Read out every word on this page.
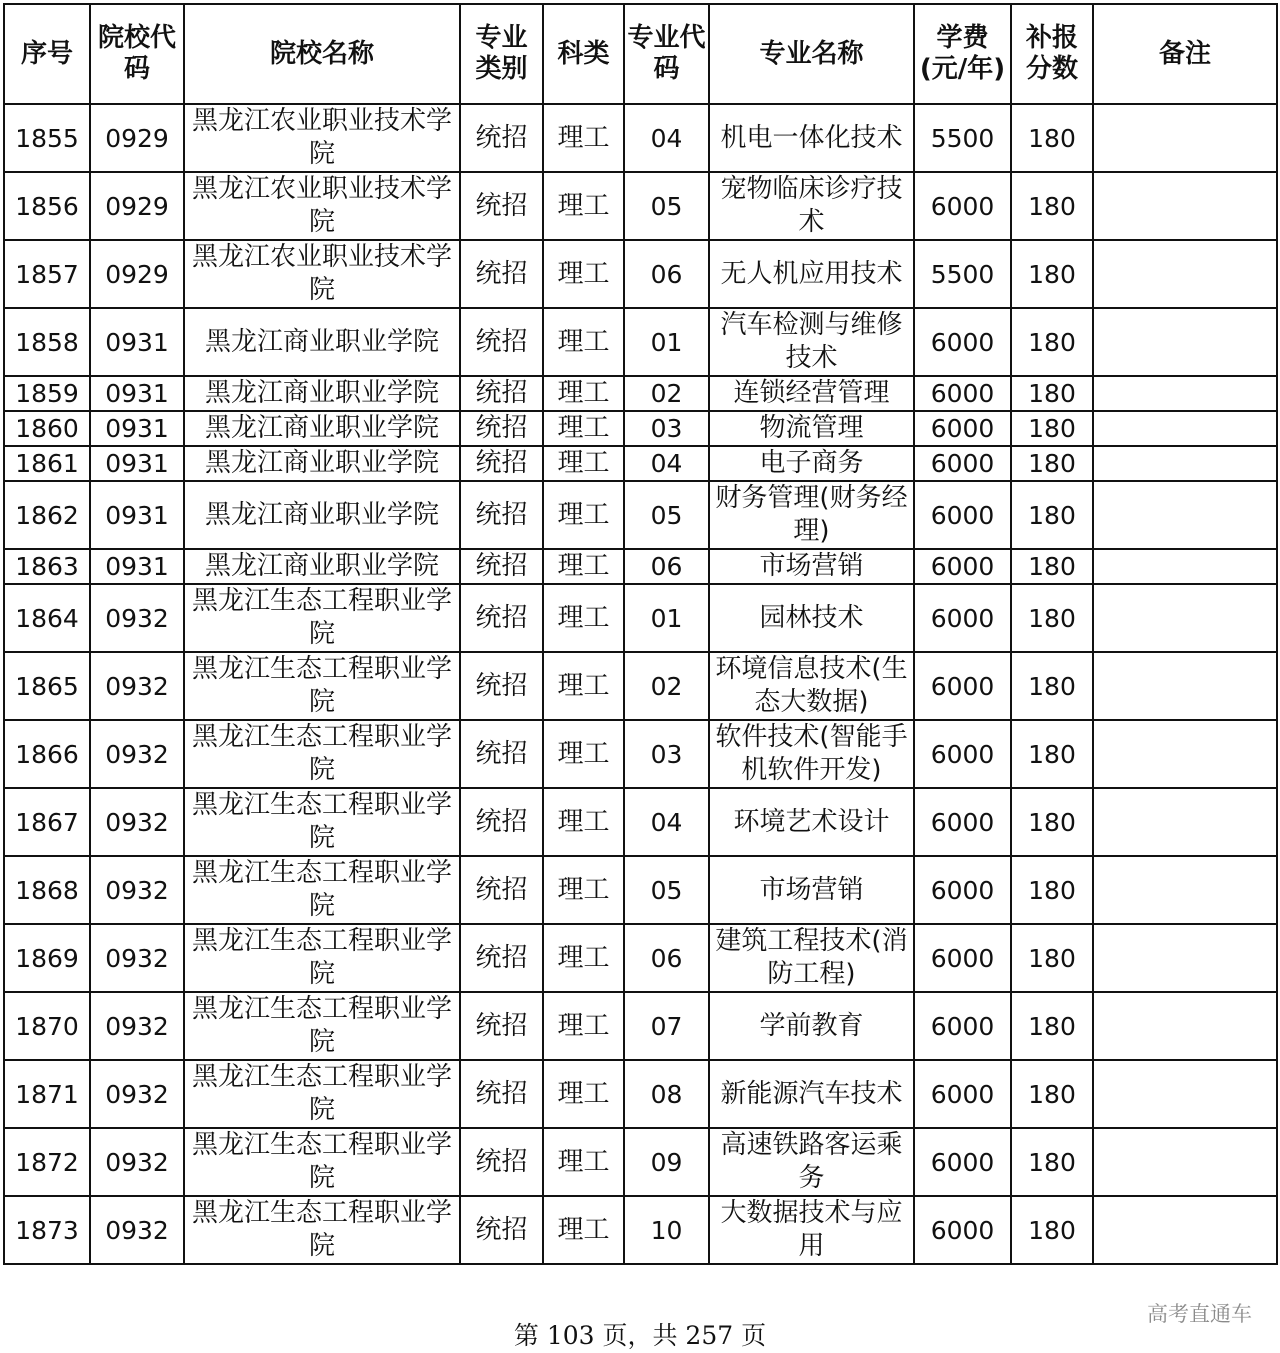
序号	院校代码	院校名称	专业类别	科类	专业代码	专业名称	学费(元/年)	补报分数	备注
1855	0929	黑龙江农业职业技术学院	统招	理工	04	机电一体化技术	5500	180	
1856	0929	黑龙江农业职业技术学院	统招	理工	05	宠物临床诊疗技术	6000	180	
1857	0929	黑龙江农业职业技术学院	统招	理工	06	无人机应用技术	5500	180	
1858	0931	黑龙江商业职业学院	统招	理工	01	汽车检测与维修技术	6000	180	
1859	0931	黑龙江商业职业学院	统招	理工	02	连锁经营管理	6000	180	
1860	0931	黑龙江商业职业学院	统招	理工	03	物流管理	6000	180	
1861	0931	黑龙江商业职业学院	统招	理工	04	电子商务	6000	180	
1862	0931	黑龙江商业职业学院	统招	理工	05	财务管理(财务经理)	6000	180	
1863	0931	黑龙江商业职业学院	统招	理工	06	市场营销	6000	180	
1864	0932	黑龙江生态工程职业学院	统招	理工	01	园林技术	6000	180	
1865	0932	黑龙江生态工程职业学院	统招	理工	02	环境信息技术(生态大数据)	6000	180	
1866	0932	黑龙江生态工程职业学院	统招	理工	03	软件技术(智能手机软件开发)	6000	180	
1867	0932	黑龙江生态工程职业学院	统招	理工	04	环境艺术设计	6000	180	
1868	0932	黑龙江生态工程职业学院	统招	理工	05	市场营销	6000	180	
1869	0932	黑龙江生态工程职业学院	统招	理工	06	建筑工程技术(消防工程)	6000	180	
1870	0932	黑龙江生态工程职业学院	统招	理工	07	学前教育	6000	180	
1871	0932	黑龙江生态工程职业学院	统招	理工	08	新能源汽车技术	6000	180	
1872	0932	黑龙江生态工程职业学院	统招	理工	09	高速铁路客运乘务	6000	180	
1873	0932	黑龙江生态工程职业学院	统招	理工	10	大数据技术与应用	6000	180	
第 103 页，共 257 页
高考直通车
